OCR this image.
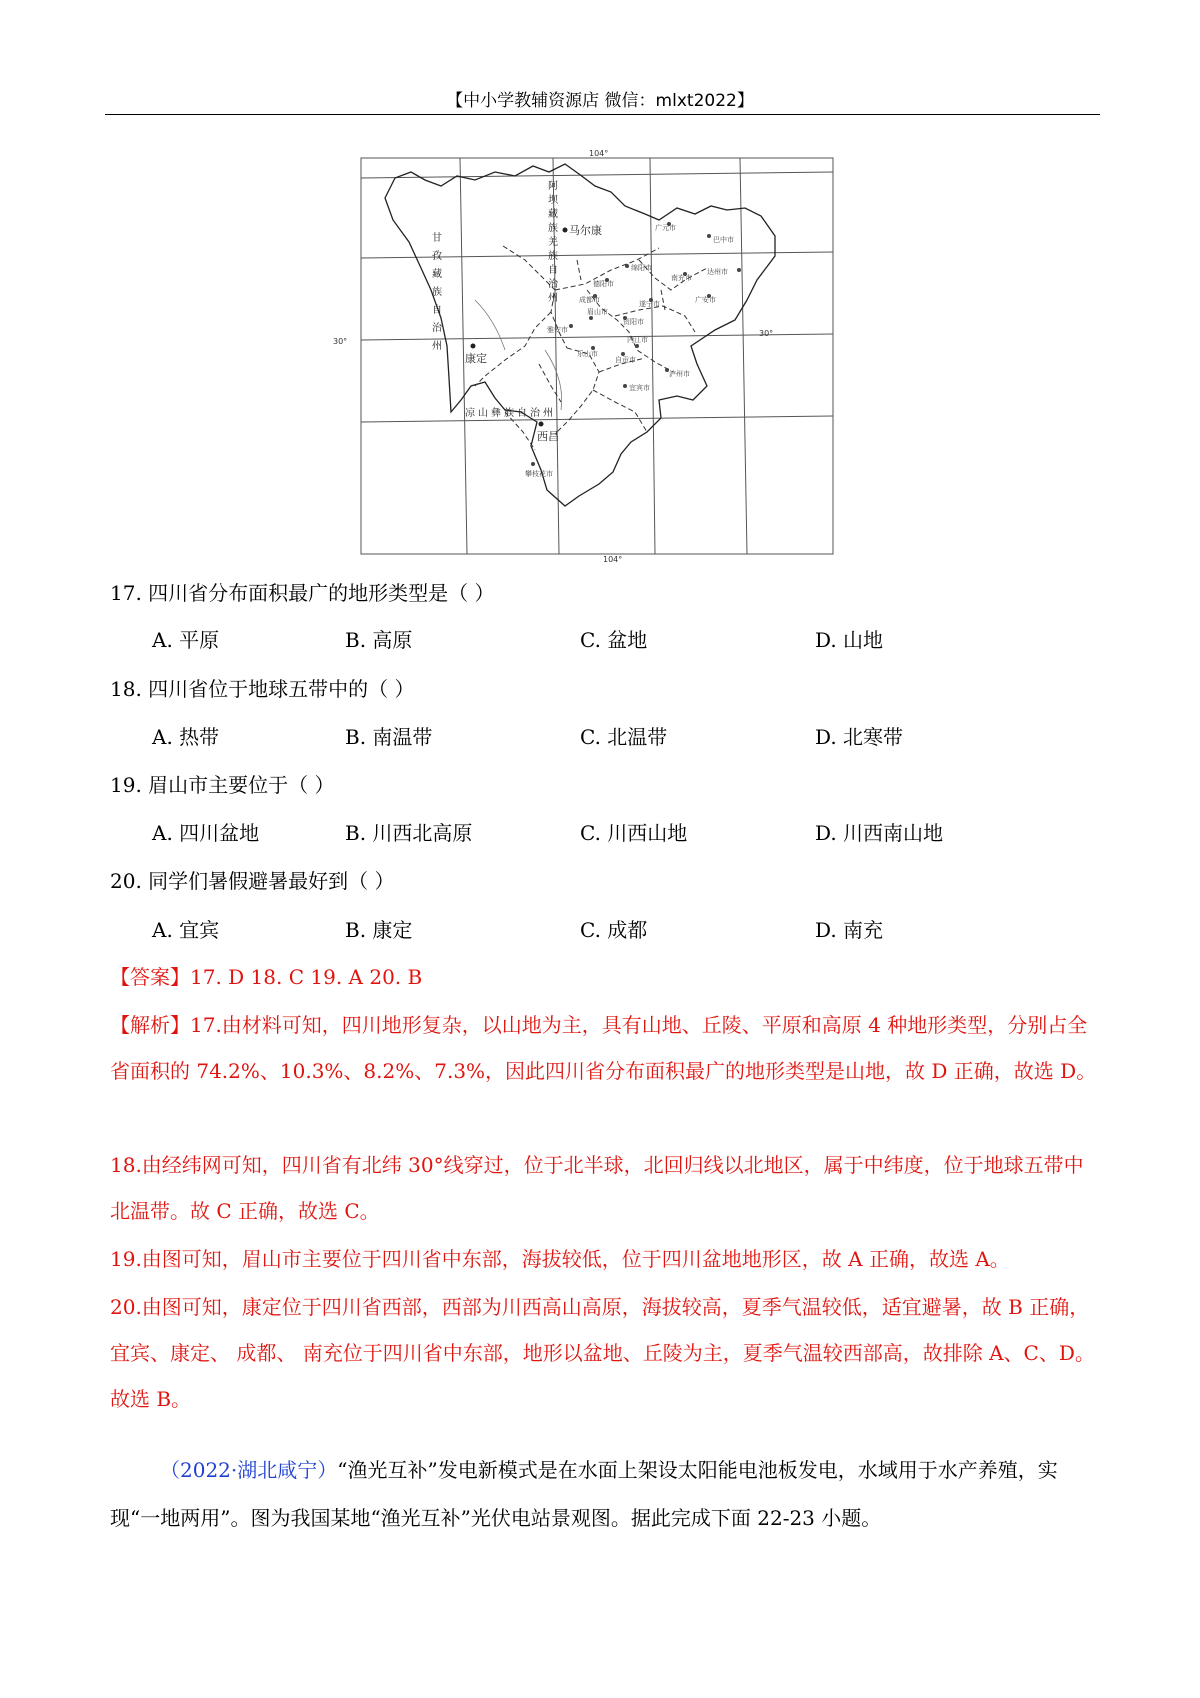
【中小学教辅资源店 微信：mlxt2022】
104°
104°
30°
30°
阿坝藏族羌族自治州
甘孜藏族自治州
凉山彝族自治州
马尔康
康定
西昌
成都市
广元市
巴中市
达州市
绵阳市
德阳市
南充市
遂宁市
资阳市
雅安市
眉山市
乐山市
内江市
自贡市
泸州市
宜宾市
攀枝花市
广安市
17. 四川省分布面积最广的地形类型是（ ）
A. 平原	B. 高原	C. 盆地	D. 山地
18. 四川省位于地球五带中的（ ）
A. 热带	B. 南温带	C. 北温带	D. 北寒带
19. 眉山市主要位于（ ）
A. 四川盆地	B. 川西北高原	C. 川西山地	D. 川西南山地
20. 同学们暑假避暑最好到（ ）
A. 宜宾	B. 康定	C. 成都	D. 南充
【答案】17. D 18. C 19. A 20. B
【解析】17.由材料可知，四川地形复杂，以山地为主，具有山地、丘陵、平原和高原 4 种地形类型，分别占全省面积的 74.2%、10.3%、8.2%、7.3%，因此四川省分布面积最广的地形类型是山地，故 D 正确，故选 D。
18.由经纬网可知，四川省有北纬 30°线穿过，位于北半球，北回归线以北地区，属于中纬度，位于地球五带中北温带。故 C 正确，故选 C。
19.由图可知，眉山市主要位于四川省中东部，海拔较低，位于四川盆地地形区，故 A 正确，故选 A。
20.由图可知，康定位于四川省西部，西部为川西高山高原，海拔较高，夏季气温较低，适宜避暑，故 B 正确，宜宾、康定、 成都、 南充位于四川省中东部，地形以盆地、丘陵为主，夏季气温较西部高，故排除 A、C、D。故选 B。
（2022·湖北咸宁）“渔光互补”发电新模式是在水面上架设太阳能电池板发电，水域用于水产养殖，实现“一地两用”。图为我国某地“渔光互补”光伏电站景观图。据此完成下面 22-23 小题。
